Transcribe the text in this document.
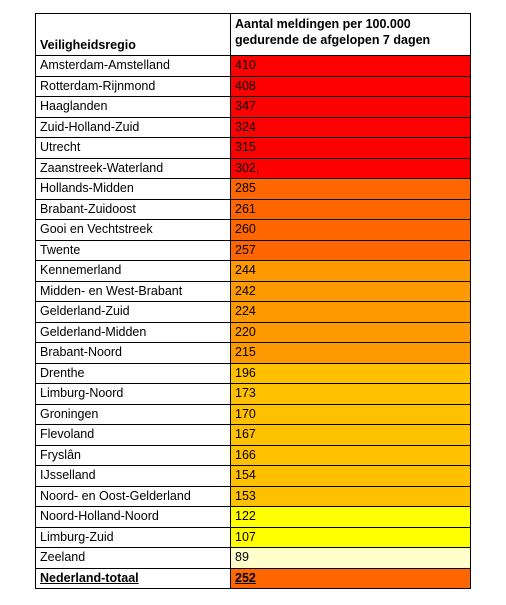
Veiligheidsregio	Aantal meldingen per 100.000 gedurende de afgelopen 7 dagen
Amsterdam-Amstelland	410
Rotterdam-Rijnmond	408
Haaglanden	347
Zuid-Holland-Zuid	324
Utrecht	315
Zaanstreek-Waterland	302,
Hollands-Midden	285
Brabant-Zuidoost	261
Gooi en Vechtstreek	260
Twente	257
Kennemerland	244
Midden- en West-Brabant	242
Gelderland-Zuid	224
Gelderland-Midden	220
Brabant-Noord	215
Drenthe	196
Limburg-Noord	173
Groningen	170
Flevoland	167
Fryslân	166
IJsselland	154
Noord- en Oost-Gelderland	153
Noord-Holland-Noord	122
Limburg-Zuid	107
Zeeland	89
Nederland-totaal	252
